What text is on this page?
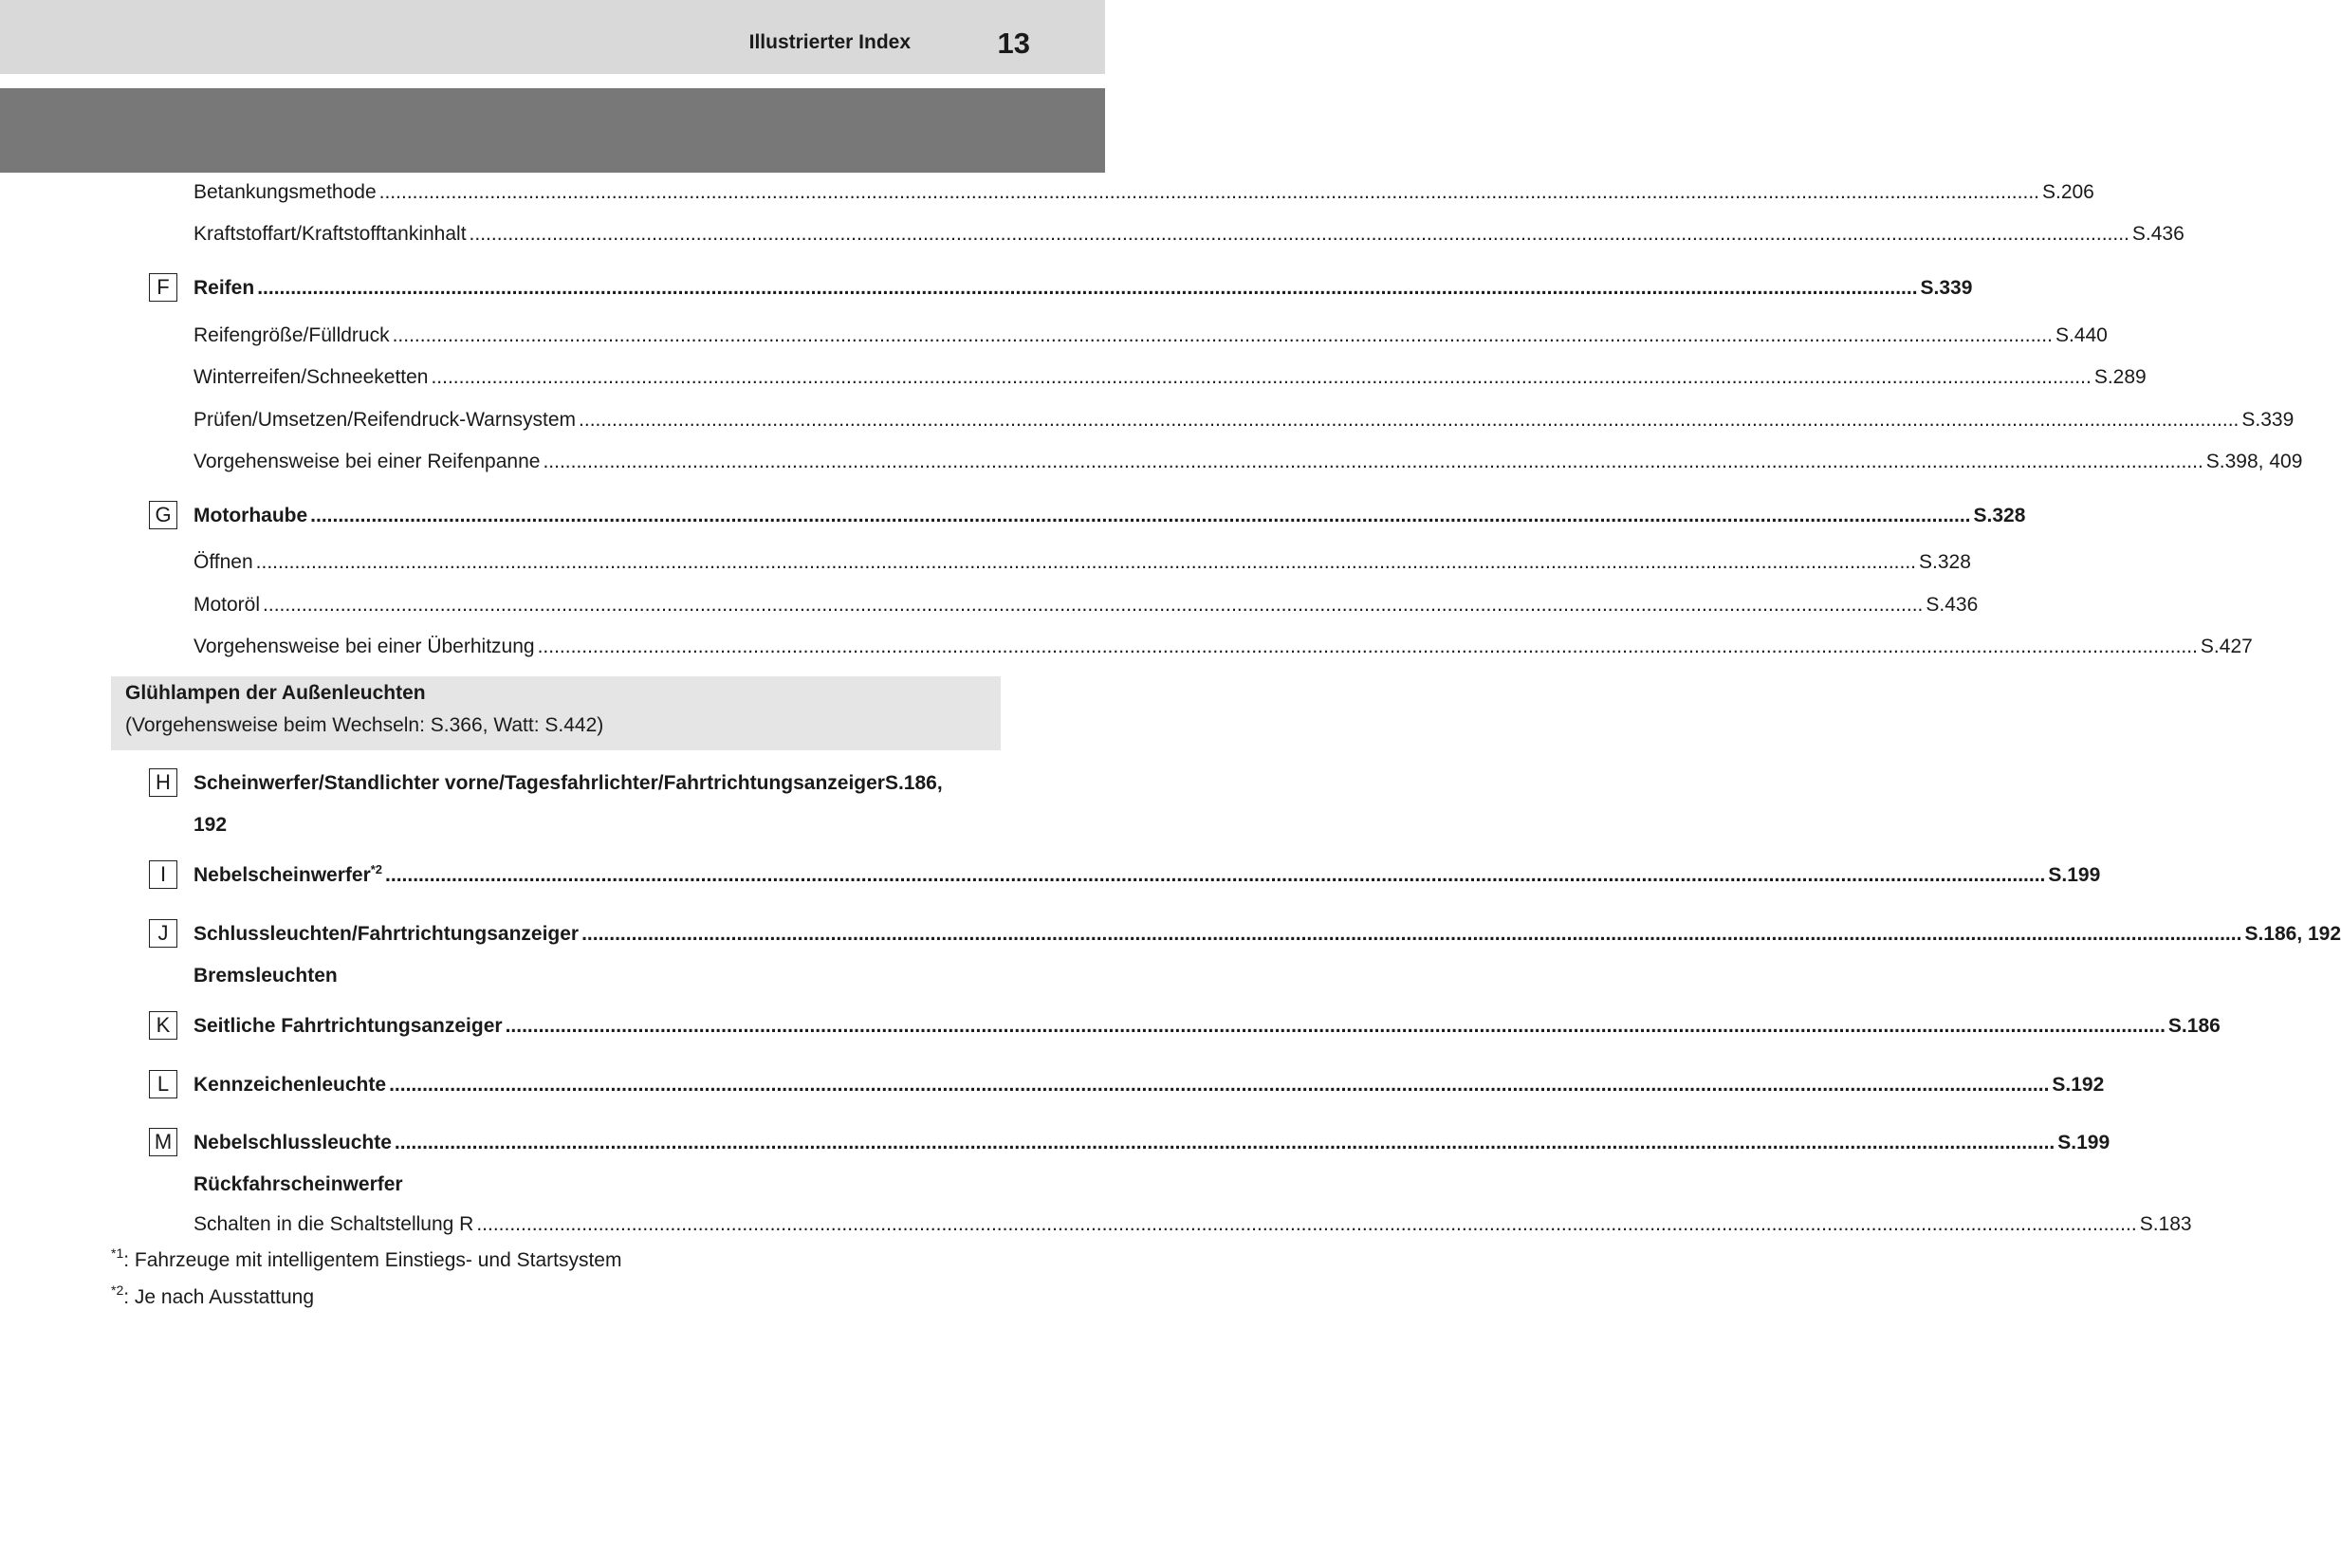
Illustrierter Index	13
Betankungsmethode ............................................................................................................................................................................................................................................................................................................ S.206
Kraftstoffart/Kraftstofftankinhalt ............................................................................................................................................................................................................................................................................................................ S.436
F	Reifen ............................................................................................................................................................................................................................................................................................................ S.339
Reifengröße/Fülldruck ............................................................................................................................................................................................................................................................................................................ S.440
Winterreifen/Schneeketten ............................................................................................................................................................................................................................................................................................................ S.289
Prüfen/Umsetzen/Reifendruck-Warnsystem ............................................................................................................................................................................................................................................................................................................ S.339
Vorgehensweise bei einer Reifenpanne ............................................................................................................................................................................................................................................................................................................ S.398, 409
G	Motorhaube ............................................................................................................................................................................................................................................................................................................ S.328
Öffnen ............................................................................................................................................................................................................................................................................................................ S.328
Motoröl ............................................................................................................................................................................................................................................................................................................ S.436
Vorgehensweise bei einer Überhitzung ............................................................................................................................................................................................................................................................................................................ S.427
Glühlampen der Außenleuchten
(Vorgehensweise beim Wechseln: S.366, Watt: S.442)
H	Scheinwerfer/Standlichter vorne/Tagesfahrlichter/FahrtrichtungsanzeigerS.186,
192
I	Nebelscheinwerfer$^{*2}$ ............................................................................................................................................................................................................................................................................................................ S.199
J	Schlussleuchten/Fahrtrichtungsanzeiger ............................................................................................................................................................................................................................................................................................................ S.186, 192
Bremsleuchten
K	Seitliche Fahrtrichtungsanzeiger ............................................................................................................................................................................................................................................................................................................ S.186
L	Kennzeichenleuchte ............................................................................................................................................................................................................................................................................................................ S.192
M Nebelschlussleuchte ............................................................................................................................................................................................................................................................................................................ S.199
Rückfahrscheinwerfer
Schalten in die Schaltstellung R ............................................................................................................................................................................................................................................................................................................ S.183
$^{*1}$: Fahrzeuge mit intelligentem Einstiegs- und Startsystem
$^{*2}$: Je nach Ausstattung
